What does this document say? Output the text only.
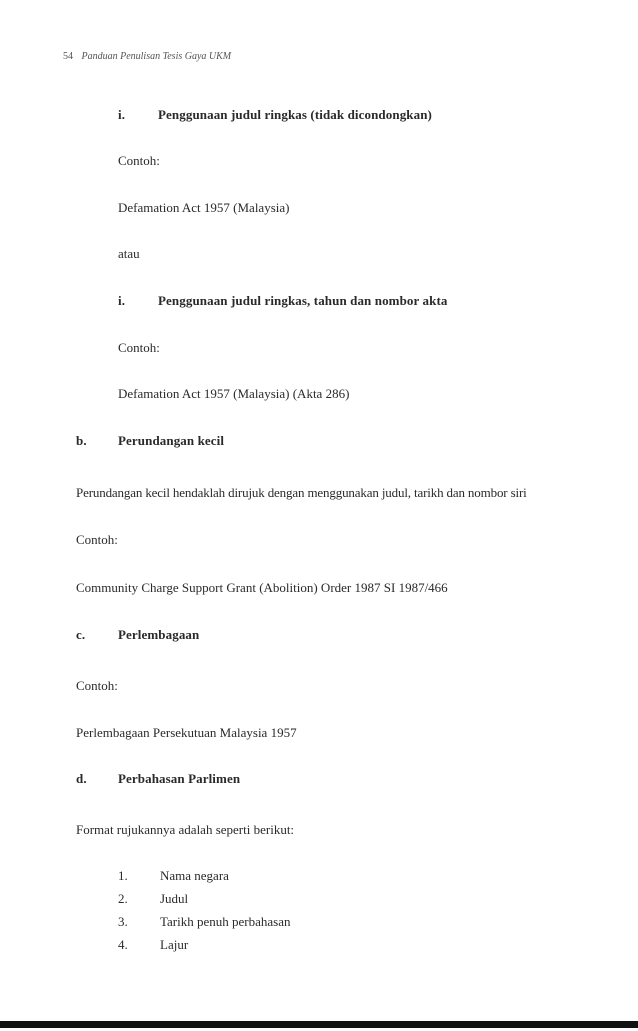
54 Panduan Penulisan Tesis Gaya UKM
i.	Penggunaan judul ringkas (tidak dicondongkan)
Contoh:
Defamation Act 1957 (Malaysia)
atau
i.	Penggunaan judul ringkas, tahun dan nombor akta
Contoh:
Defamation Act 1957 (Malaysia) (Akta 286)
b. Perundangan kecil
Perundangan kecil hendaklah dirujuk dengan menggunakan judul, tarikh dan nombor siri
Contoh:
Community Charge Support Grant (Abolition) Order 1987 SI 1987/466
c.	Perlembagaan
Contoh:
Perlembagaan Persekutuan Malaysia 1957
d. Perbahasan Parlimen
Format rujukannya adalah seperti berikut:
1. Nama negara
2. Judul
3. Tarikh penuh perbahasan
4. Lajur
